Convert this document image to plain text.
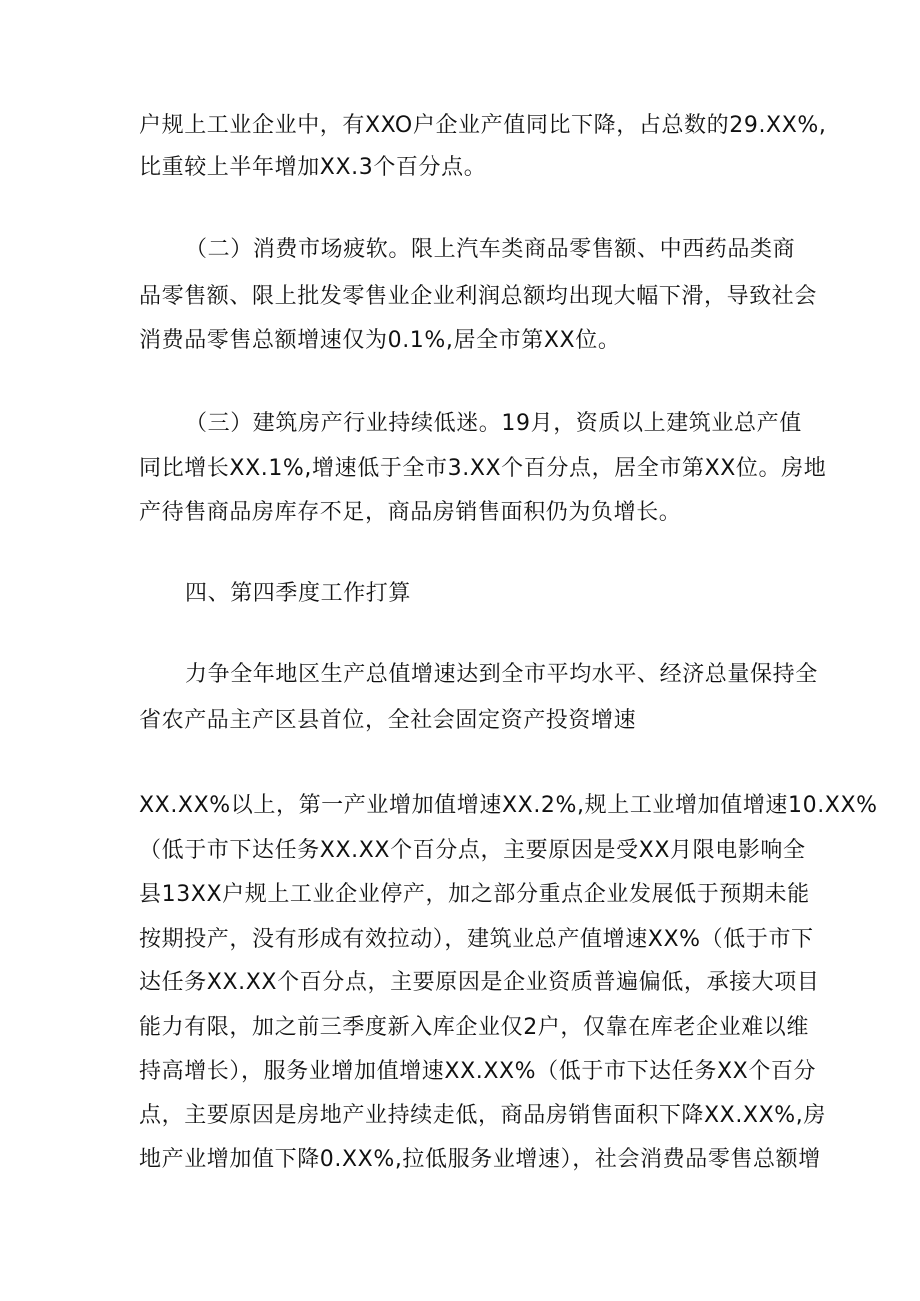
户规上工业企业中，有XXO户企业产值同比下降，占总数的29.XX%,
比重较上半年增加XX.3个百分点。
（二）消费市场疲软。限上汽车类商品零售额、中西药品类商
品零售额、限上批发零售业企业利润总额均出现大幅下滑，导致社会
消费品零售总额增速仅为0.1%,居全市第XX位。
（三）建筑房产行业持续低迷。19月，资质以上建筑业总产值
同比增长XX.1%,增速低于全市3.XX个百分点，居全市第XX位。房地
产待售商品房库存不足，商品房销售面积仍为负增长。
四、第四季度工作打算
力争全年地区生产总值增速达到全市平均水平、经济总量保持全
省农产品主产区县首位，全社会固定资产投资增速
XX.XX%以上，第一产业增加值增速XX.2%,规上工业增加值增速10.XX%
（低于市下达任务XX.XX个百分点，主要原因是受XX月限电影响全
县13XX户规上工业企业停产，加之部分重点企业发展低于预期未能
按期投产，没有形成有效拉动），建筑业总产值增速XX%（低于市下
达任务XX.XX个百分点，主要原因是企业资质普遍偏低，承接大项目
能力有限，加之前三季度新入库企业仅2户，仅靠在库老企业难以维
持高增长），服务业增加值增速XX.XX%（低于市下达任务XX个百分
点，主要原因是房地产业持续走低，商品房销售面积下降XX.XX%,房
地产业增加值下降0.XX%,拉低服务业增速），社会消费品零售总额增
